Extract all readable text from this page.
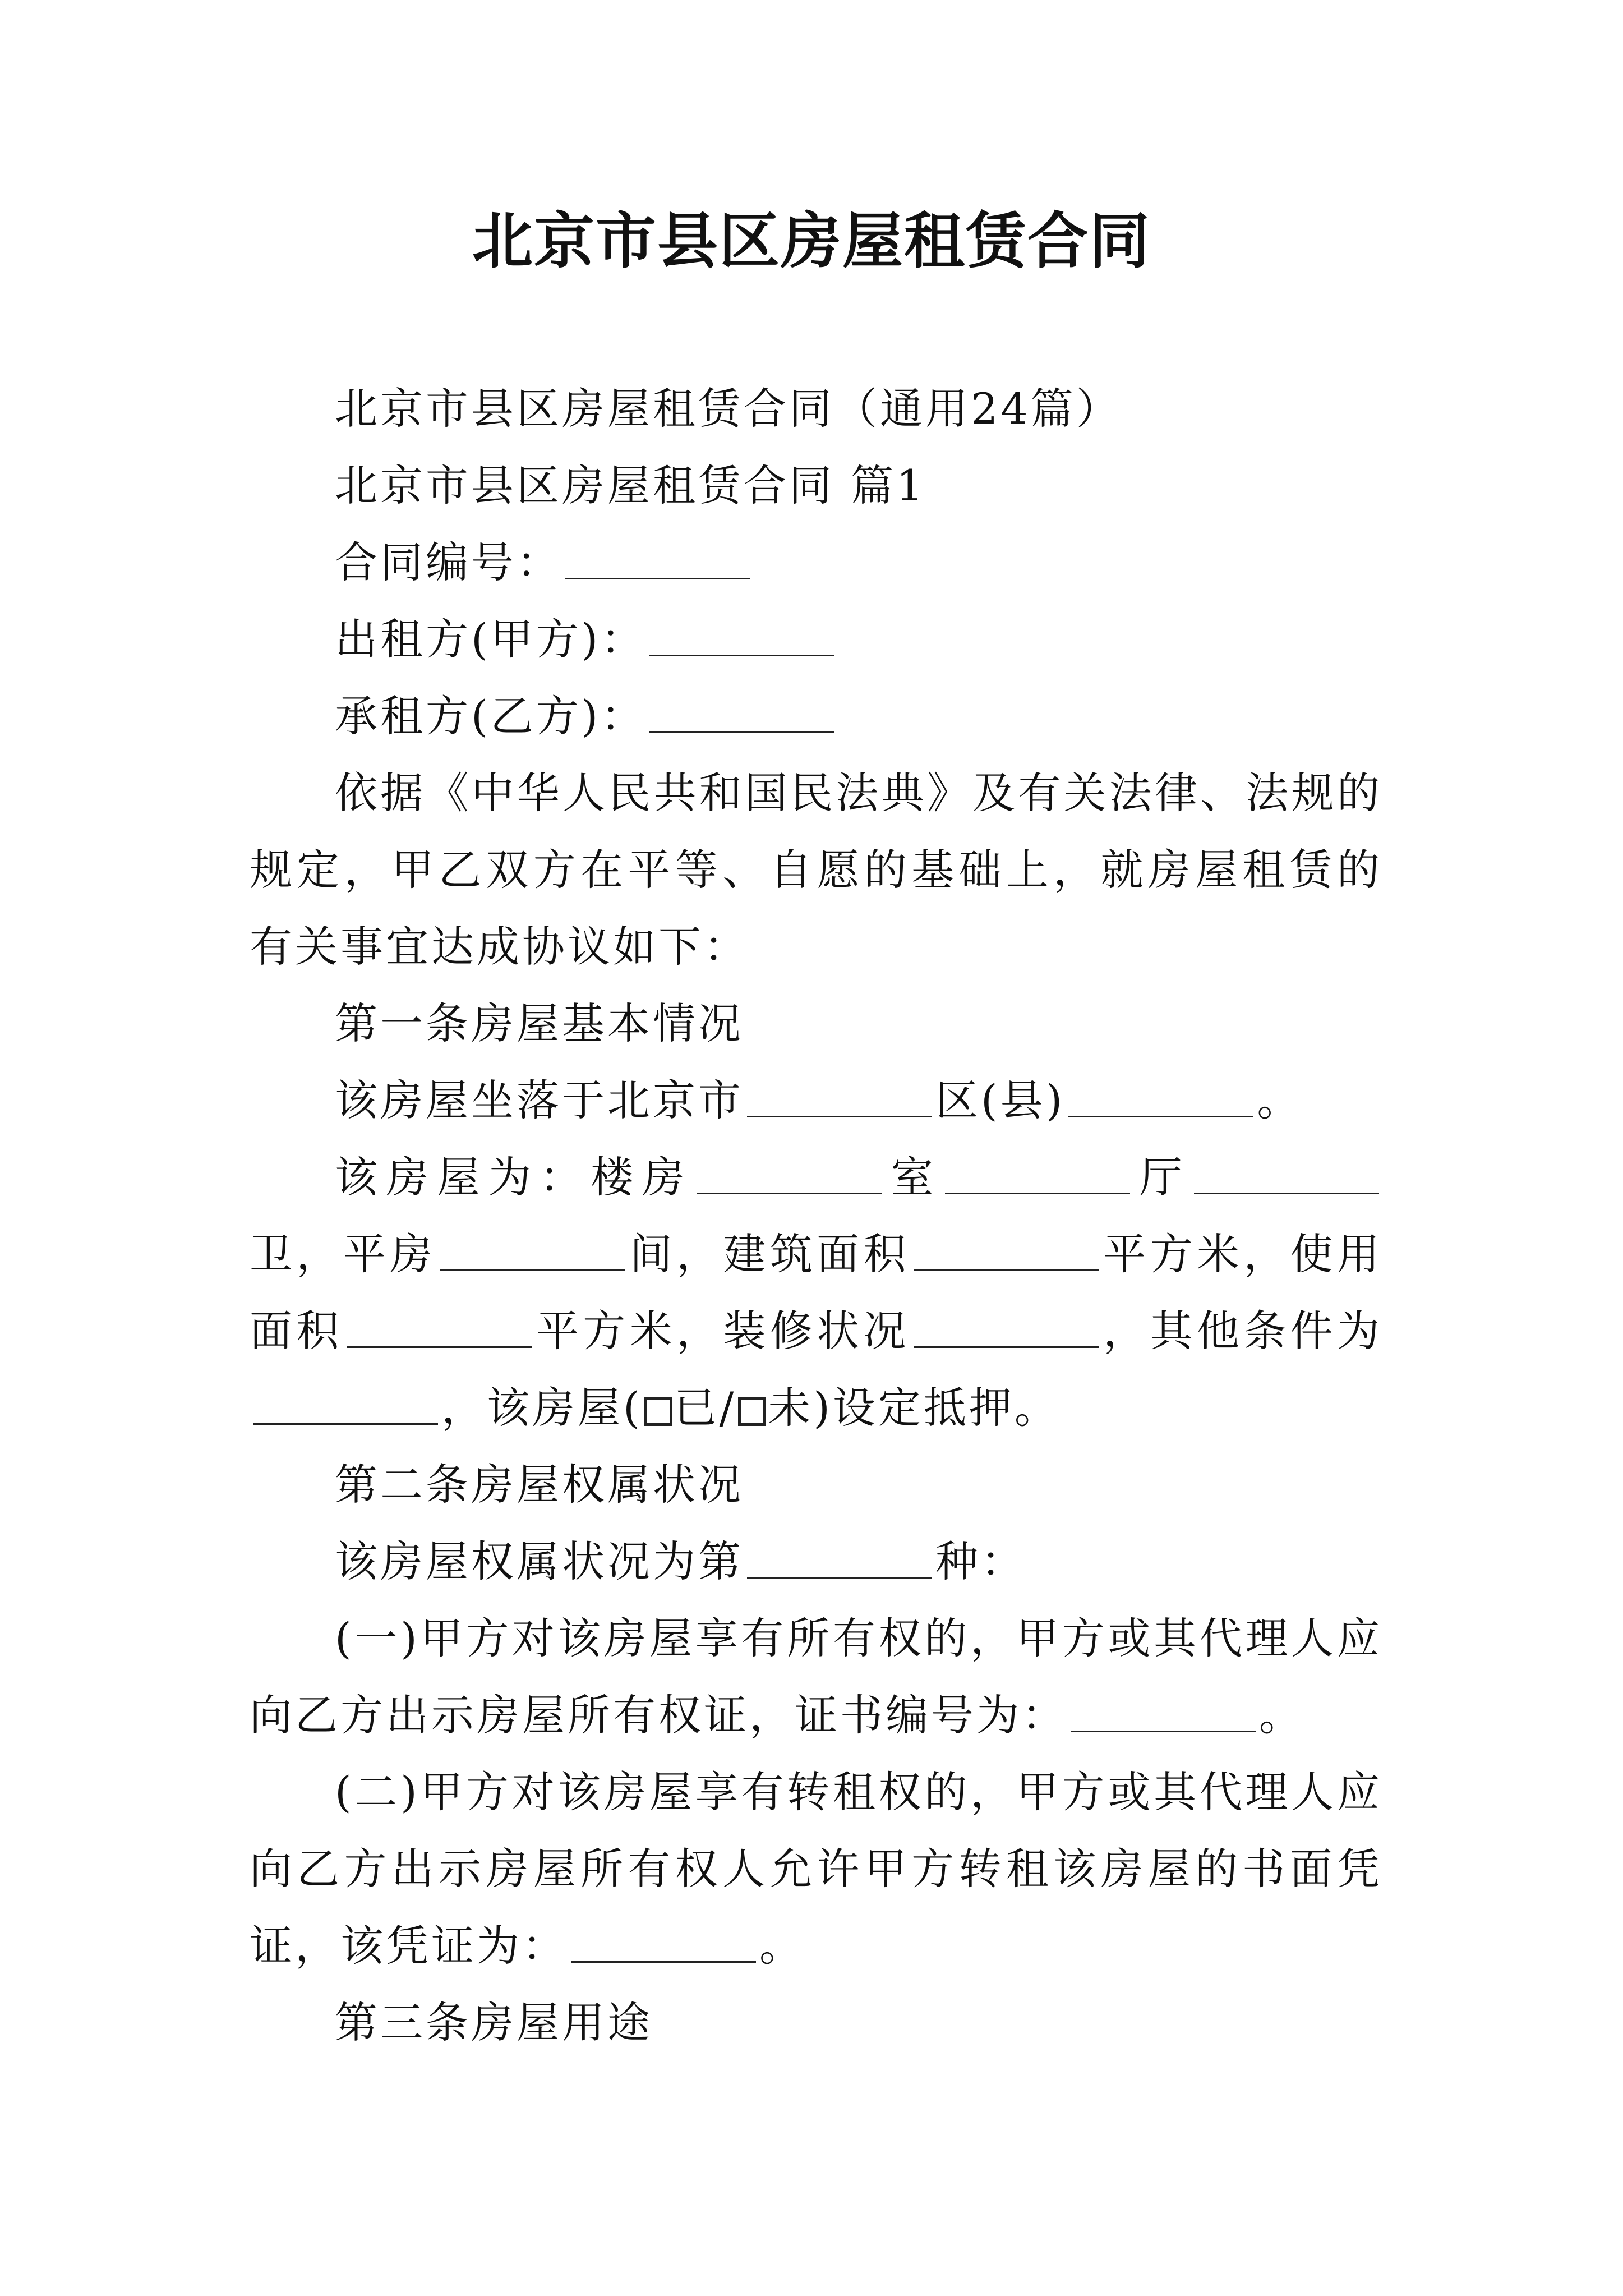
北京市县区房屋租赁合同

北京市县区房屋租赁合同（通用24篇）

北京市县区房屋租赁合同 篇1

合同编号：

出租方(甲方)：

承租方(乙方)：

依据《中华人民共和国民法典》及有关法律、法规的规定，甲乙双方在平等、自愿的基础上，就房屋租赁的有关事宜达成协议如下：

第一条房屋基本情况

该房屋坐落于北京市	区(县)	。

该房屋为：楼房	室	厅卫，平房	间，建筑面积	平方米，使用面积	平方米，装修状况	，其他条件为，该房屋( 已/ 未)设定抵押。

第二条房屋权属状况

该房屋权属状况为第	种：

(一)甲方对该房屋享有所有权的，甲方或其代理人应向乙方出示房屋所有权证，证书编号为：	。

(二)甲方对该房屋享有转租权的，甲方或其代理人应向乙方出示房屋所有权人允许甲方转租该房屋的书面凭证，该凭证为：	。

第三条房屋用途
